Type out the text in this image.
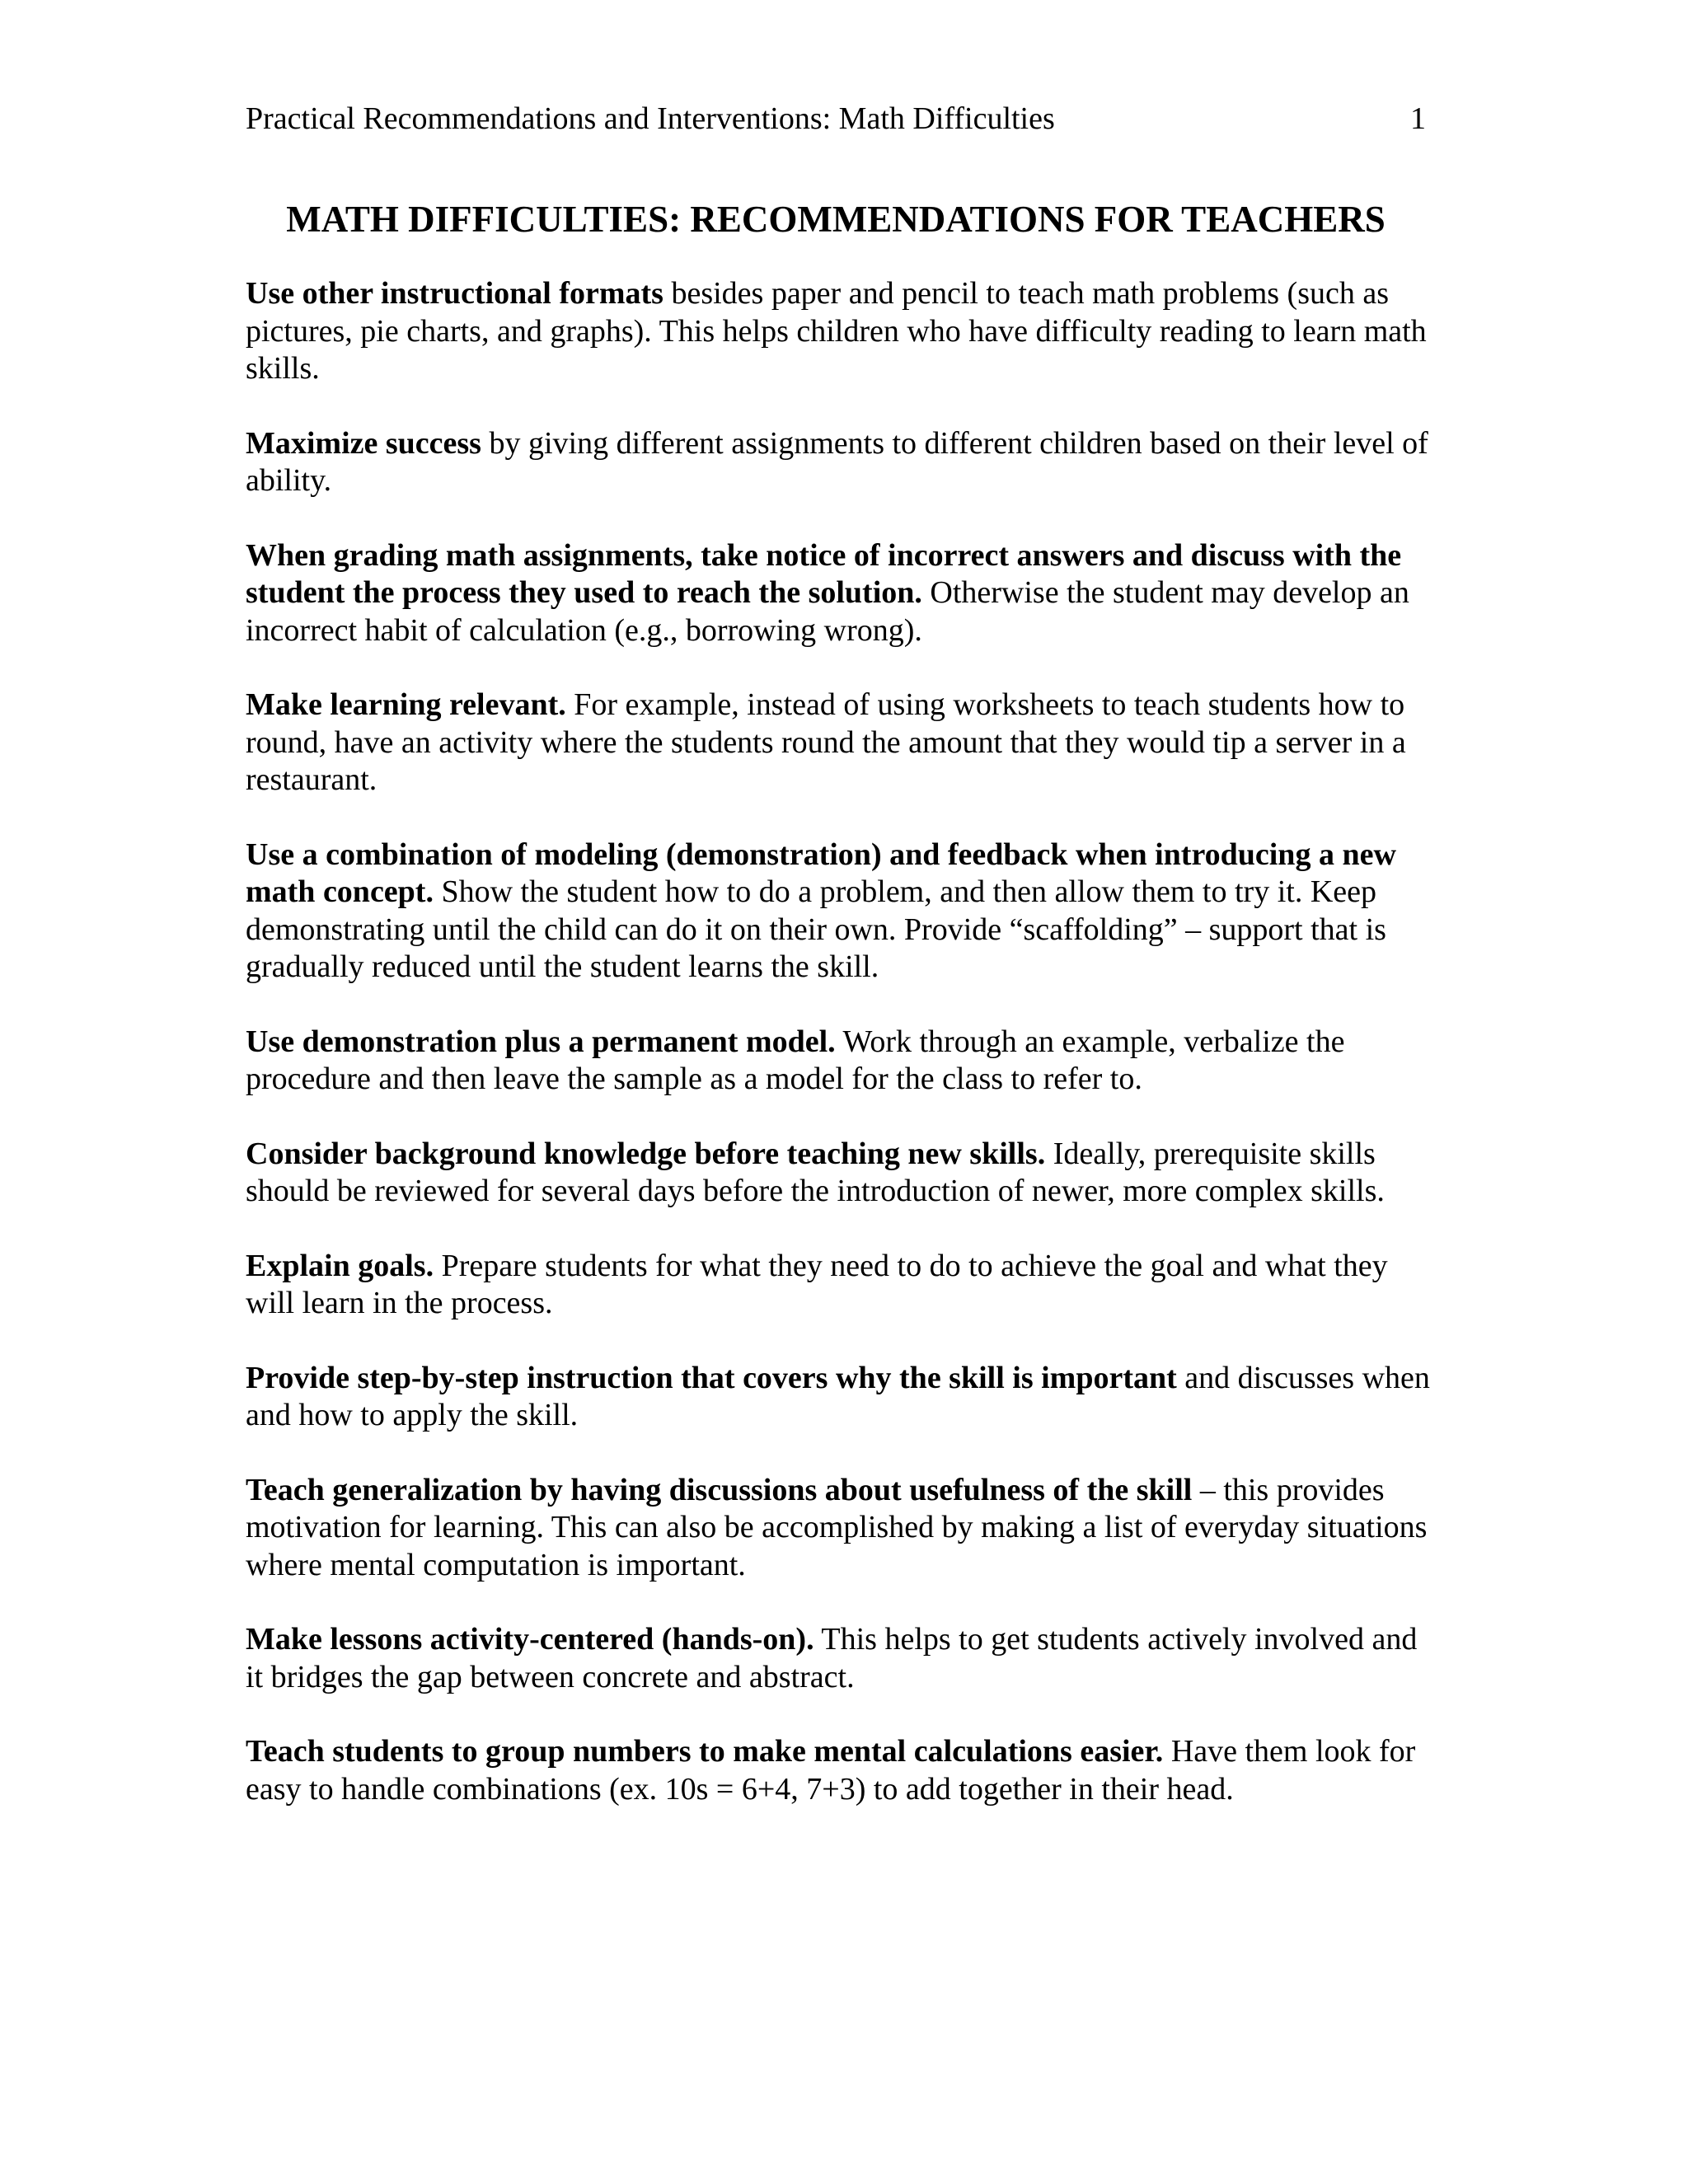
Practical Recommendations and Interventions: Math Difficulties	1
MATH DIFFICULTIES: RECOMMENDATIONS FOR TEACHERS

Use other instructional formats besides paper and pencil to teach math problems (such as pictures, pie charts, and graphs). This helps children who have difficulty reading to learn math skills.

Maximize success by giving different assignments to different children based on their level of ability.

When grading math assignments, take notice of incorrect answers and discuss with the student the process they used to reach the solution. Otherwise the student may develop an incorrect habit of calculation (e.g., borrowing wrong).

Make learning relevant. For example, instead of using worksheets to teach students how to round, have an activity where the students round the amount that they would tip a server in a restaurant.

Use a combination of modeling (demonstration) and feedback when introducing a new math concept. Show the student how to do a problem, and then allow them to try it. Keep demonstrating until the child can do it on their own. Provide “scaffolding” – support that is gradually reduced until the student learns the skill.

Use demonstration plus a permanent model. Work through an example, verbalize the procedure and then leave the sample as a model for the class to refer to.

Consider background knowledge before teaching new skills. Ideally, prerequisite skills should be reviewed for several days before the introduction of newer, more complex skills.

Explain goals. Prepare students for what they need to do to achieve the goal and what they will learn in the process.

Provide step-by-step instruction that covers why the skill is important and discusses when and how to apply the skill.

Teach generalization by having discussions about usefulness of the skill – this provides motivation for learning. This can also be accomplished by making a list of everyday situations where mental computation is important.

Make lessons activity-centered (hands-on). This helps to get students actively involved and it bridges the gap between concrete and abstract.

Teach students to group numbers to make mental calculations easier. Have them look for easy to handle combinations (ex. 10s = 6+4, 7+3) to add together in their head.
